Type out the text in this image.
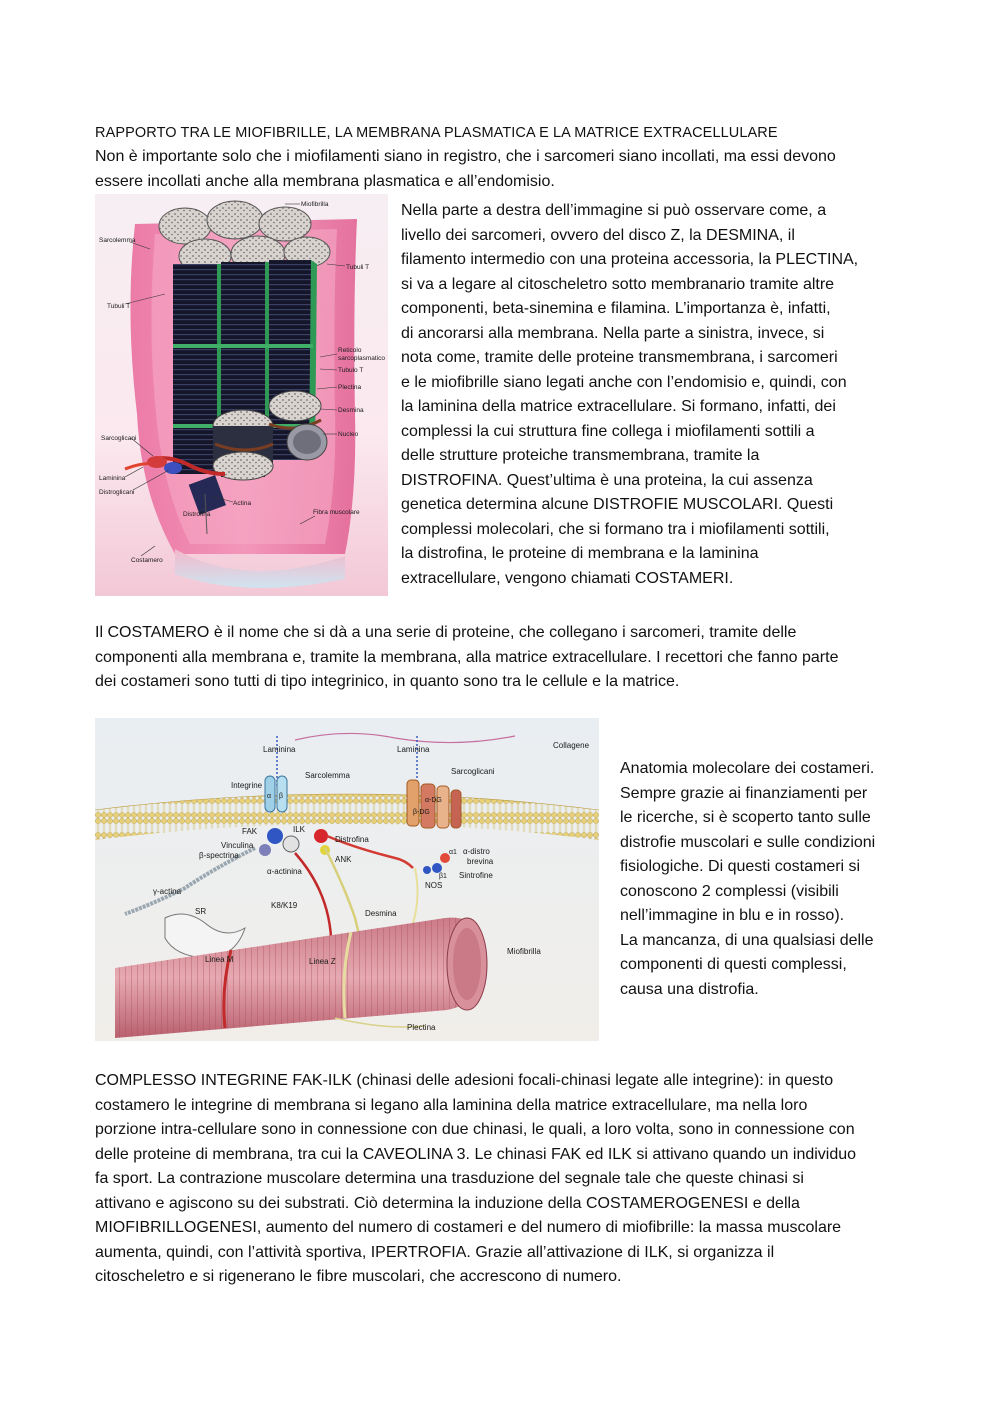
RAPPORTO TRA LE MIOFIBRILLE, LA MEMBRANA PLASMATICA E LA MATRICE EXTRACELLULARE

Non è importante solo che i miofilamenti siano in registro, che i sarcomeri siano incollati, ma essi devono

essere incollati anche alla membrana plasmatica e all’endomisio.

Miofibrilla
Sarcolemma
Tubuli T
Tubuli T
Reticolo
sarcoplasmatico
Tubulo T
Plectina
Desmina
Nucleo
Sarcoglicani
Laminina
Distroglicani
Actina
Distrofina	Fibra muscolare
Costamero

Nella parte a destra dell’immagine si può osservare come, a

livello dei sarcomeri, ovvero del disco Z, la DESMINA, il

filamento intermedio con una proteina accessoria, la PLECTINA,

si va a legare al citoscheletro sotto membranario tramite altre

componenti, beta-sinemina e filamina. L’importanza è, infatti,

di ancorarsi alla membrana. Nella parte a sinistra, invece, si

nota come, tramite delle proteine transmembrana, i sarcomeri

e le miofibrille siano legati anche con l’endomisio e, quindi, con

la laminina della matrice extracellulare. Si formano, infatti, dei

complessi la cui struttura fine collega i miofilamenti sottili a

delle strutture proteiche transmembrana, tramite la

DISTROFINA. Quest’ultima è una proteina, la cui assenza

genetica determina alcune DISTROFIE MUSCOLARI. Questi

complessi molecolari, che si formano tra i miofilamenti sottili,

la distrofina, le proteine di membrana e la laminina

extracellulare, vengono chiamati COSTAMERI.

Il COSTAMERO è il nome che si dà a una serie di proteine, che collegano i sarcomeri, tramite delle

componenti alla membrana e, tramite la membrana, alla matrice extracellulare. I recettori che fanno parte

dei costameri sono tutti di tipo integrinico, in quanto sono tra le cellule e la matrice.

Laminina	Laminina	Collagene
Integrine
Sarcolemma	Sarcoglicani
α β
FAK	ILK
Vinculina
β-spectrina
Distrofina
ANK
α-actinina
α-distro
brevina
Sintrofine
NOS
γ-actina
SR
K8/K19
Desmina
Linea M	Linea Z
Miofibrilla
Plectina
β-DG
α-DG
α1
β1

Anatomia molecolare dei costameri.

Sempre grazie ai finanziamenti per

le ricerche, si è scoperto tanto sulle

distrofie muscolari e sulle condizioni

fisiologiche. Di questi costameri si

conoscono 2 complessi (visibili

nell’immagine in blu e in rosso).

La mancanza, di una qualsiasi delle

componenti di questi complessi,

causa una distrofia.

COMPLESSO INTEGRINE FAK-ILK (chinasi delle adesioni focali-chinasi legate alle integrine): in questo

costamero le integrine di membrana si legano alla laminina della matrice extracellulare, ma nella loro

porzione intra-cellulare sono in connessione con due chinasi, le quali, a loro volta, sono in connessione con

delle proteine di membrana, tra cui la CAVEOLINA 3. Le chinasi FAK ed ILK si attivano quando un individuo

fa sport. La contrazione muscolare determina una trasduzione del segnale tale che queste chinasi si

attivano e agiscono su dei substrati. Ciò determina la induzione della COSTAMEROGENESI e della

MIOFIBRILLOGENESI, aumento del numero di costameri e del numero di miofibrille: la massa muscolare

aumenta, quindi, con l’attività sportiva, IPERTROFIA. Grazie all’attivazione di ILK, si organizza il

citoscheletro e si rigenerano le fibre muscolari, che accrescono di numero.
